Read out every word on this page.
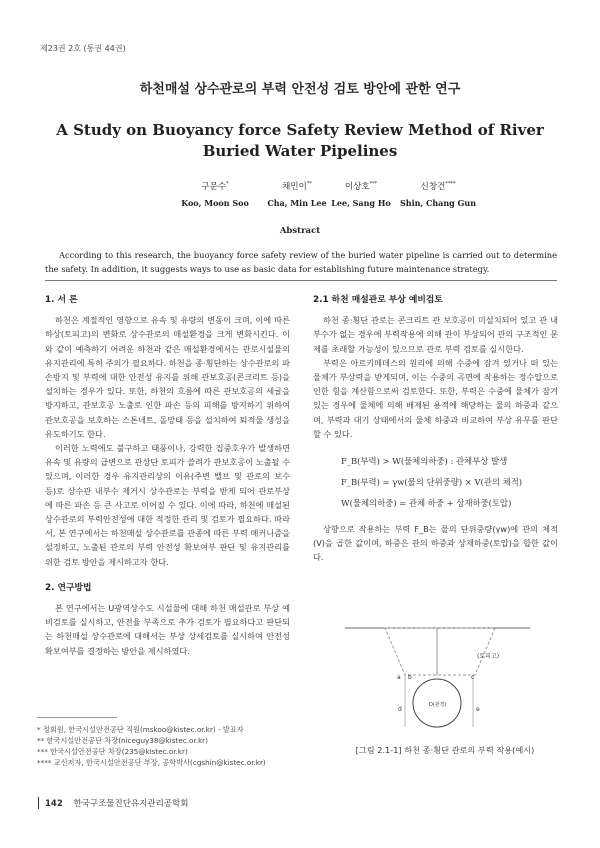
제23권 2호 (통권 44권)
하천매설 상수관로의 부력 안전성 검토 방안에 관한 연구
A Study on Buoyancy force Safety Review Method of River Buried Water Pipelines
구문수*
Koo, Moon Soo
채민이**
Cha, Min Lee
이상호***
Lee, Sang Ho
신창건****
Shin, Chang Gun
Abstract
According to this research, the buoyancy force safety review of the buried water pipeline is carried out to determine the safety. In addition, it suggests ways to use as basic data for establishing future maintenance strategy.
1. 서 론

하천은 계절적인 영향으로 유속 및 유량의 변동이 크며, 이에 따른 하상(토피고)의 변화로 상수관로의 매설환경을 크게 변화시킨다. 이와 같이 예측하기 어려운 하천과 같은 매설환경에서는 관로시설물의 유지관리에 특히 주의가 필요하다. 하천을 종·횡단하는 상수관로의 파손방지 및 부력에 대한 안전성 유지를 위해 관보호공(콘크리트 등)을 설치하는 경우가 있다. 또한, 하천의 흐름에 따른 관보호공의 세굴을 방지하고, 관보호공 노출로 인한 파손 등의 피해를 방지하기 위하여 관보호공을 보호하는 스톤네트, 돌망태 등을 설치하여 퇴적물 생성을 유도하기도 한다.

이러한 노력에도 불구하고 태풍이나, 강력한 집중호우가 발생하면 유속 및 유량의 급변으로 관상단 토피가 쓸려가 관보호공이 노출될 수 있으며, 이러한 경우 유지관리상의 이유(주변 밸브 및 관로의 보수 등)로 상수관 내부수 제거시 상수관로는 부력을 받게 되어 관로부상에 따른 파손 등 큰 사고로 이어질 수 있다. 이에 따라, 하천에 매설된 상수관로의 부력안전성에 대한 적정한 관리 및 검토가 필요하다. 따라서, 본 연구에서는 하천매설 상수관로를 관종에 따른 부력 메커니즘을 설정하고, 노출된 관로의 부력 안전성 확보여부 판단 및 유지관리를 위한 검토 방안을 제시하고자 한다.

2. 연구방법

본 연구에서는 U광역상수도 시설물에 대해 하천 매설관로 부상 예비검토를 실시하고, 안전율 부족으로 추가 검토가 필요하다고 판단되는 하천매설 상수관로에 대해서는 부상 상세검토를 실시하여 안전성 확보여부를 결정하는 방안을 제시하였다.

* 정회원, 한국시설안전공단 직원(mskoo@kistec.or.kr) - 발표자
** 한국시설안전공단 차장(niceguy38@kistec.or.kr)
*** 한국시설안전공단 차장(235@kistec.or.kr)
**** 교신저자, 한국시설안전공단 부장, 공학박사(cgshin@kistec.or.kr)
2.1 하천 매설관로 부상 예비검토

하천 종·횡단 관로는 콘크리트 관 보호공이 미설치되어 있고 관 내부수가 없는 경우에 부력작용에 의해 관이 부상되어 관의 구조적인 문제를 초래할 가능성이 있으므로 관로 부력 검토를 실시한다.

부력은 아르키메데스의 원리에 의해 수중에 잠겨 있거나 떠 있는 물체가 부상력을 받게되며, 이는 수중의 곡면에 작용하는 정수압으로 인한 힘을 계산함으로써 검토한다. 또한, 부력은 수중에 물체가 잠겨 있는 경우에 물체에 의해 배제된 용적에 해당하는 물의 하중과 같으며, 부력과 대기 상태에서의 물체 하중과 비교하여 부상 유무를 판단할 수 있다.

F_B(부력) > W(물체의하중) : 관체부상 발생
F_B(부력) = γw(물의 단위중량) × V(관의 체적)
W(물체의하중) = 관체 하중 + 상재하중(토압)

상향으로 작용하는 부력 F_B는 물의 단위중량(γw)에 관의 체적(V)을 곱한 값이며, 하중은 관의 하중과 상재하중(토압)을 합한 값이다.

(토피고)
D(관경)
a b	c
d	e
[그림 2.1-1] 하천 종·횡단 관로의 부력 작용(예시)
142 한국구조물진단유지관리공학회
